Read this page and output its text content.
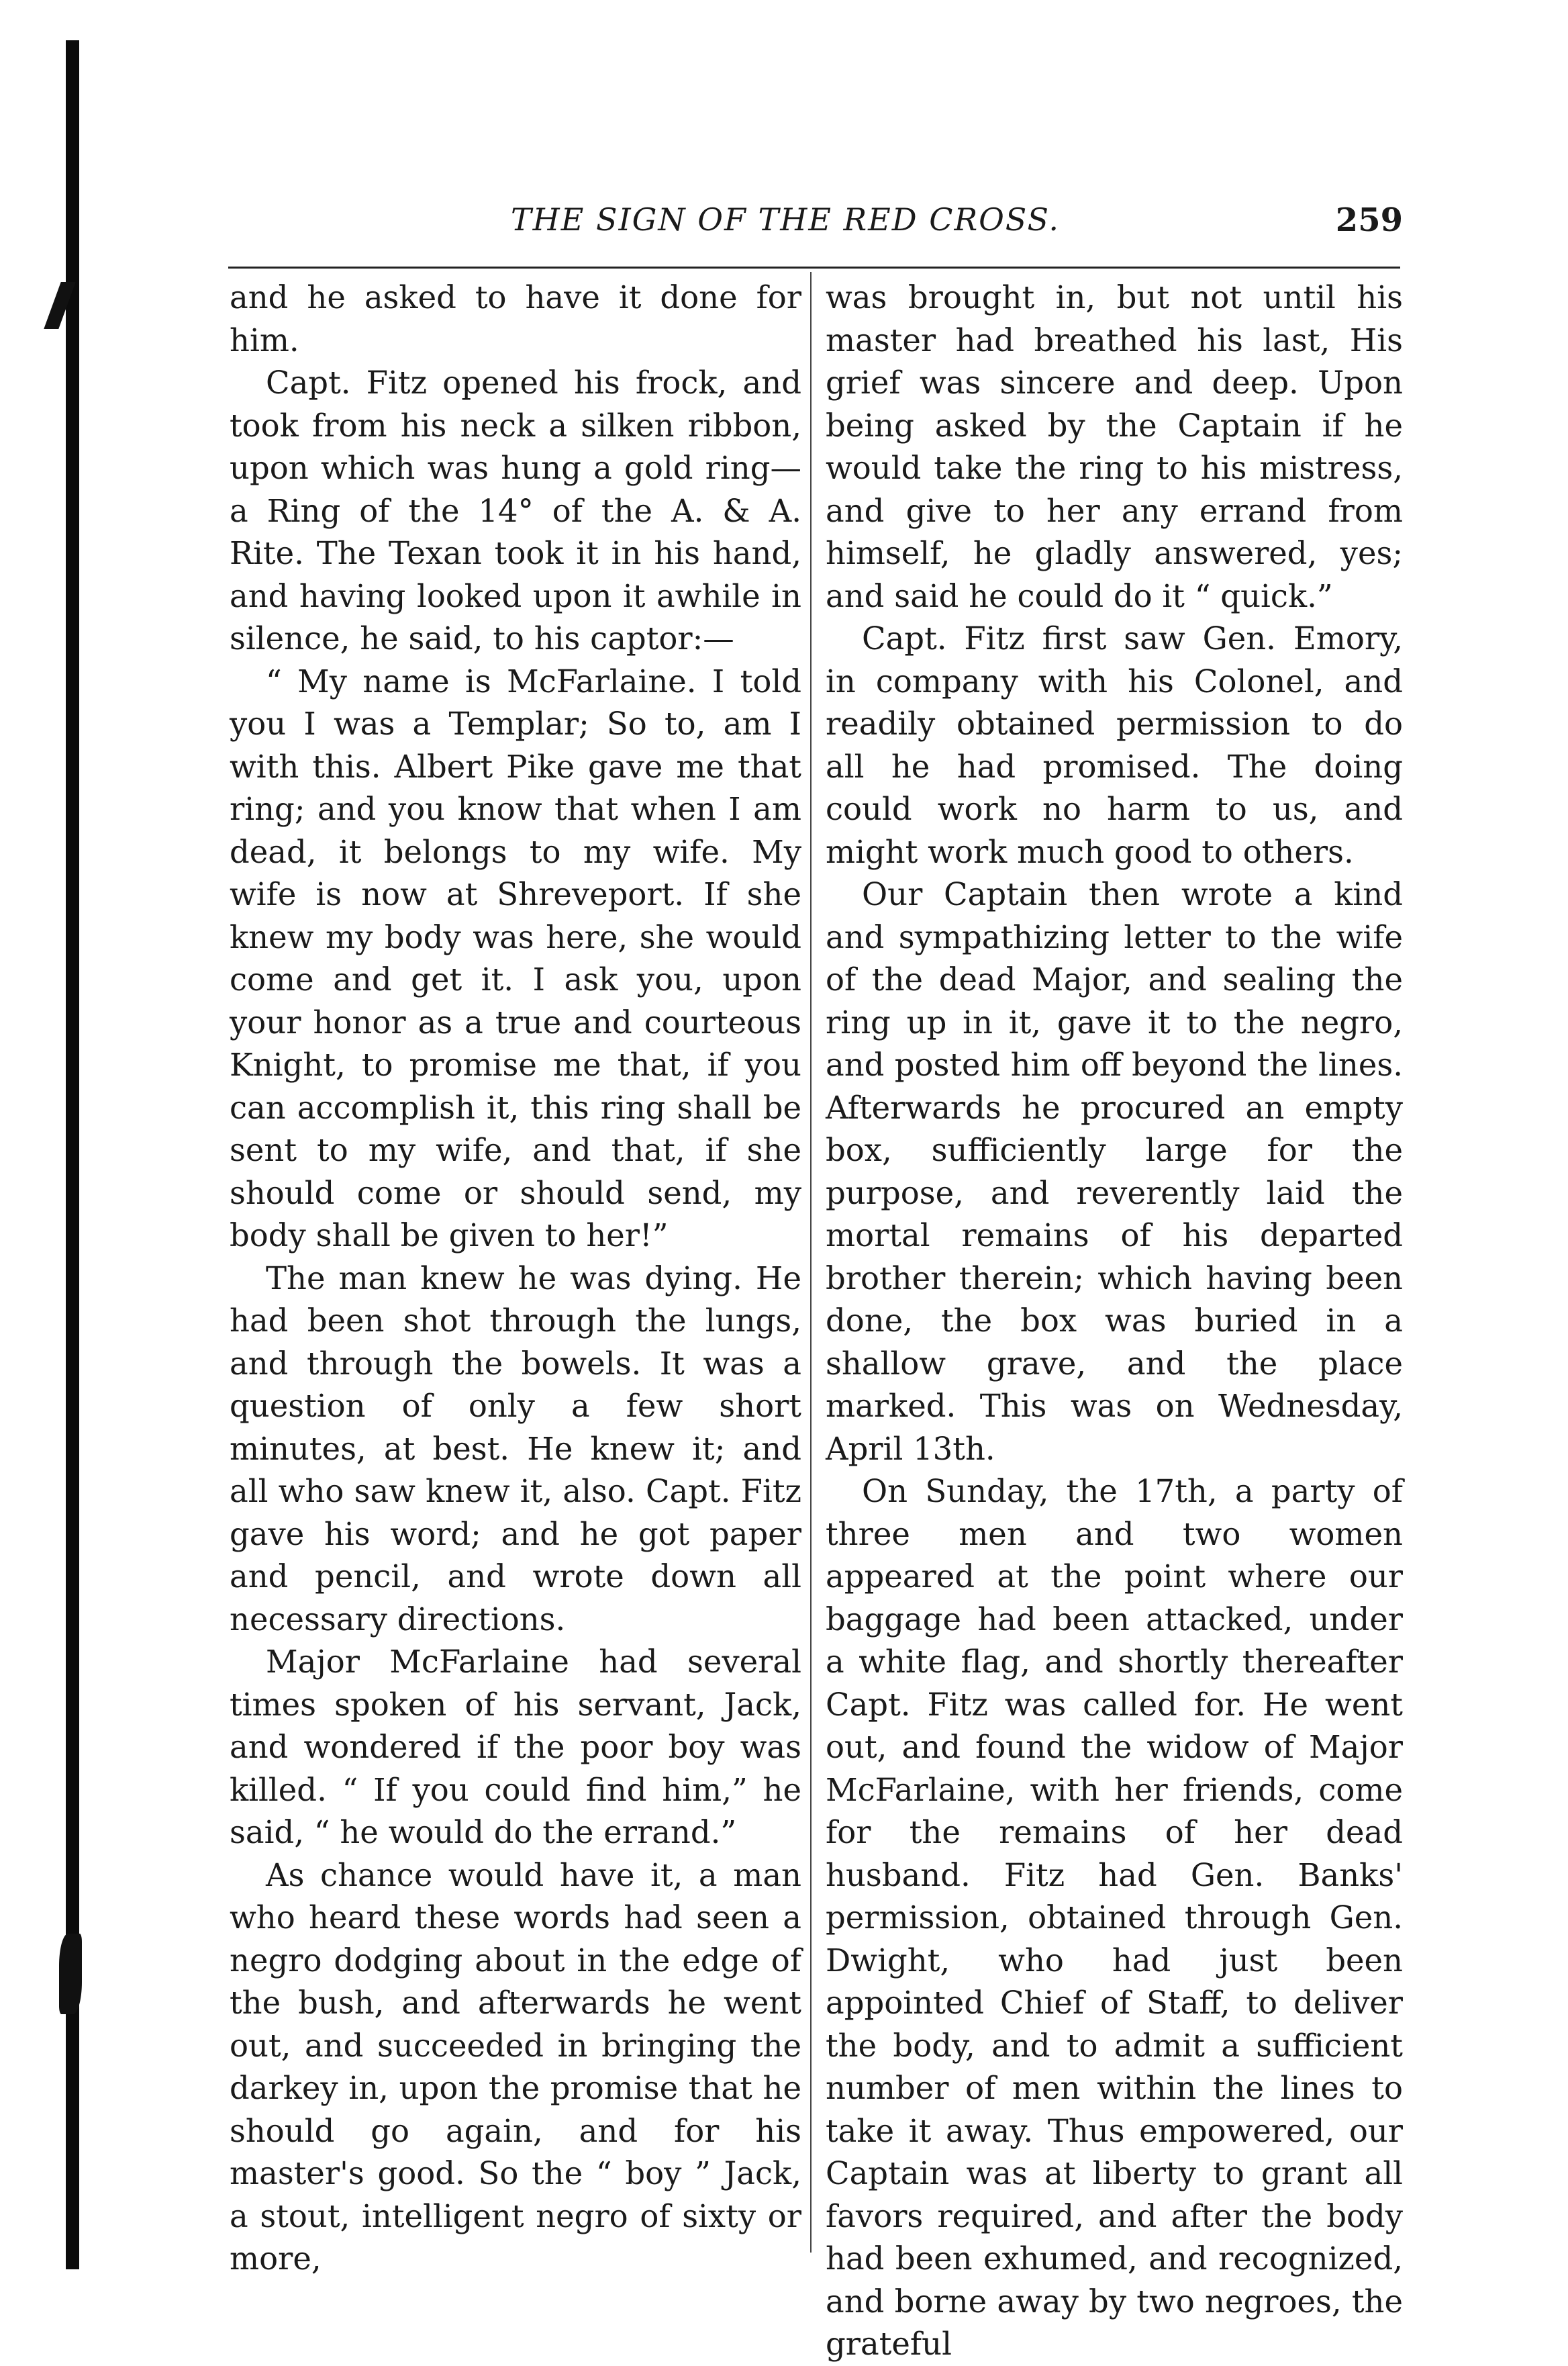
THE SIGN OF THE RED CROSS.	259

and he asked to have it done for him.

Capt. Fitz opened his frock, and took from his neck a silken ribbon, upon which was hung a gold ring— a Ring of the 14° of the A. & A. Rite. The Texan took it in his hand, and having looked upon it awhile in silence, he said, to his captor:—

“ My name is McFarlaine. I told you I was a Templar; So to, am I with this. Albert Pike gave me that ring; and you know that when I am dead, it belongs to my wife. My wife is now at Shreveport. If she knew my body was here, she would come and get it. I ask you, upon your honor as a true and courteous Knight, to promise me that, if you can accomplish it, this ring shall be sent to my wife, and that, if she should come or should send, my body shall be given to her!”

The man knew he was dying. He had been shot through the lungs, and through the bowels. It was a question of only a few short minutes, at best. He knew it; and all who saw knew it, also. Capt. Fitz gave his word; and he got paper and pencil, and wrote down all necessary directions.

Major McFarlaine had several times spoken of his servant, Jack, and wondered if the poor boy was killed. “ If you could find him,” he said, “ he would do the errand.”

As chance would have it, a man who heard these words had seen a negro dodging about in the edge of the bush, and afterwards he went out, and succeeded in bringing the darkey in, upon the promise that he should go again, and for his master's good. So the “ boy ” Jack, a stout, intelligent negro of sixty or more,

was brought in, but not until his master had breathed his last, His grief was sincere and deep. Upon being asked by the Captain if he would take the ring to his mistress, and give to her any errand from himself, he gladly answered, yes; and said he could do it “ quick.”

Capt. Fitz first saw Gen. Emory, in company with his Colonel, and readily obtained permission to do all he had promised. The doing could work no harm to us, and might work much good to others.

Our Captain then wrote a kind and sympathizing letter to the wife of the dead Major, and sealing the ring up in it, gave it to the negro, and posted him off beyond the lines. Afterwards he procured an empty box, sufficiently large for the purpose, and reverently laid the mortal remains of his departed brother therein; which having been done, the box was buried in a shallow grave, and the place marked. This was on Wednesday, April 13th.

On Sunday, the 17th, a party of three men and two women appeared at the point where our baggage had been attacked, under a white flag, and shortly thereafter Capt. Fitz was called for. He went out, and found the widow of Major McFarlaine, with her friends, come for the remains of her dead husband. Fitz had Gen. Banks' permission, obtained through Gen. Dwight, who had just been appointed Chief of Staff, to deliver the body, and to admit a sufficient number of men within the lines to take it away. Thus empowered, our Captain was at liberty to grant all favors required, and after the body had been exhumed, and recognized, and borne away by two negroes, the grateful
